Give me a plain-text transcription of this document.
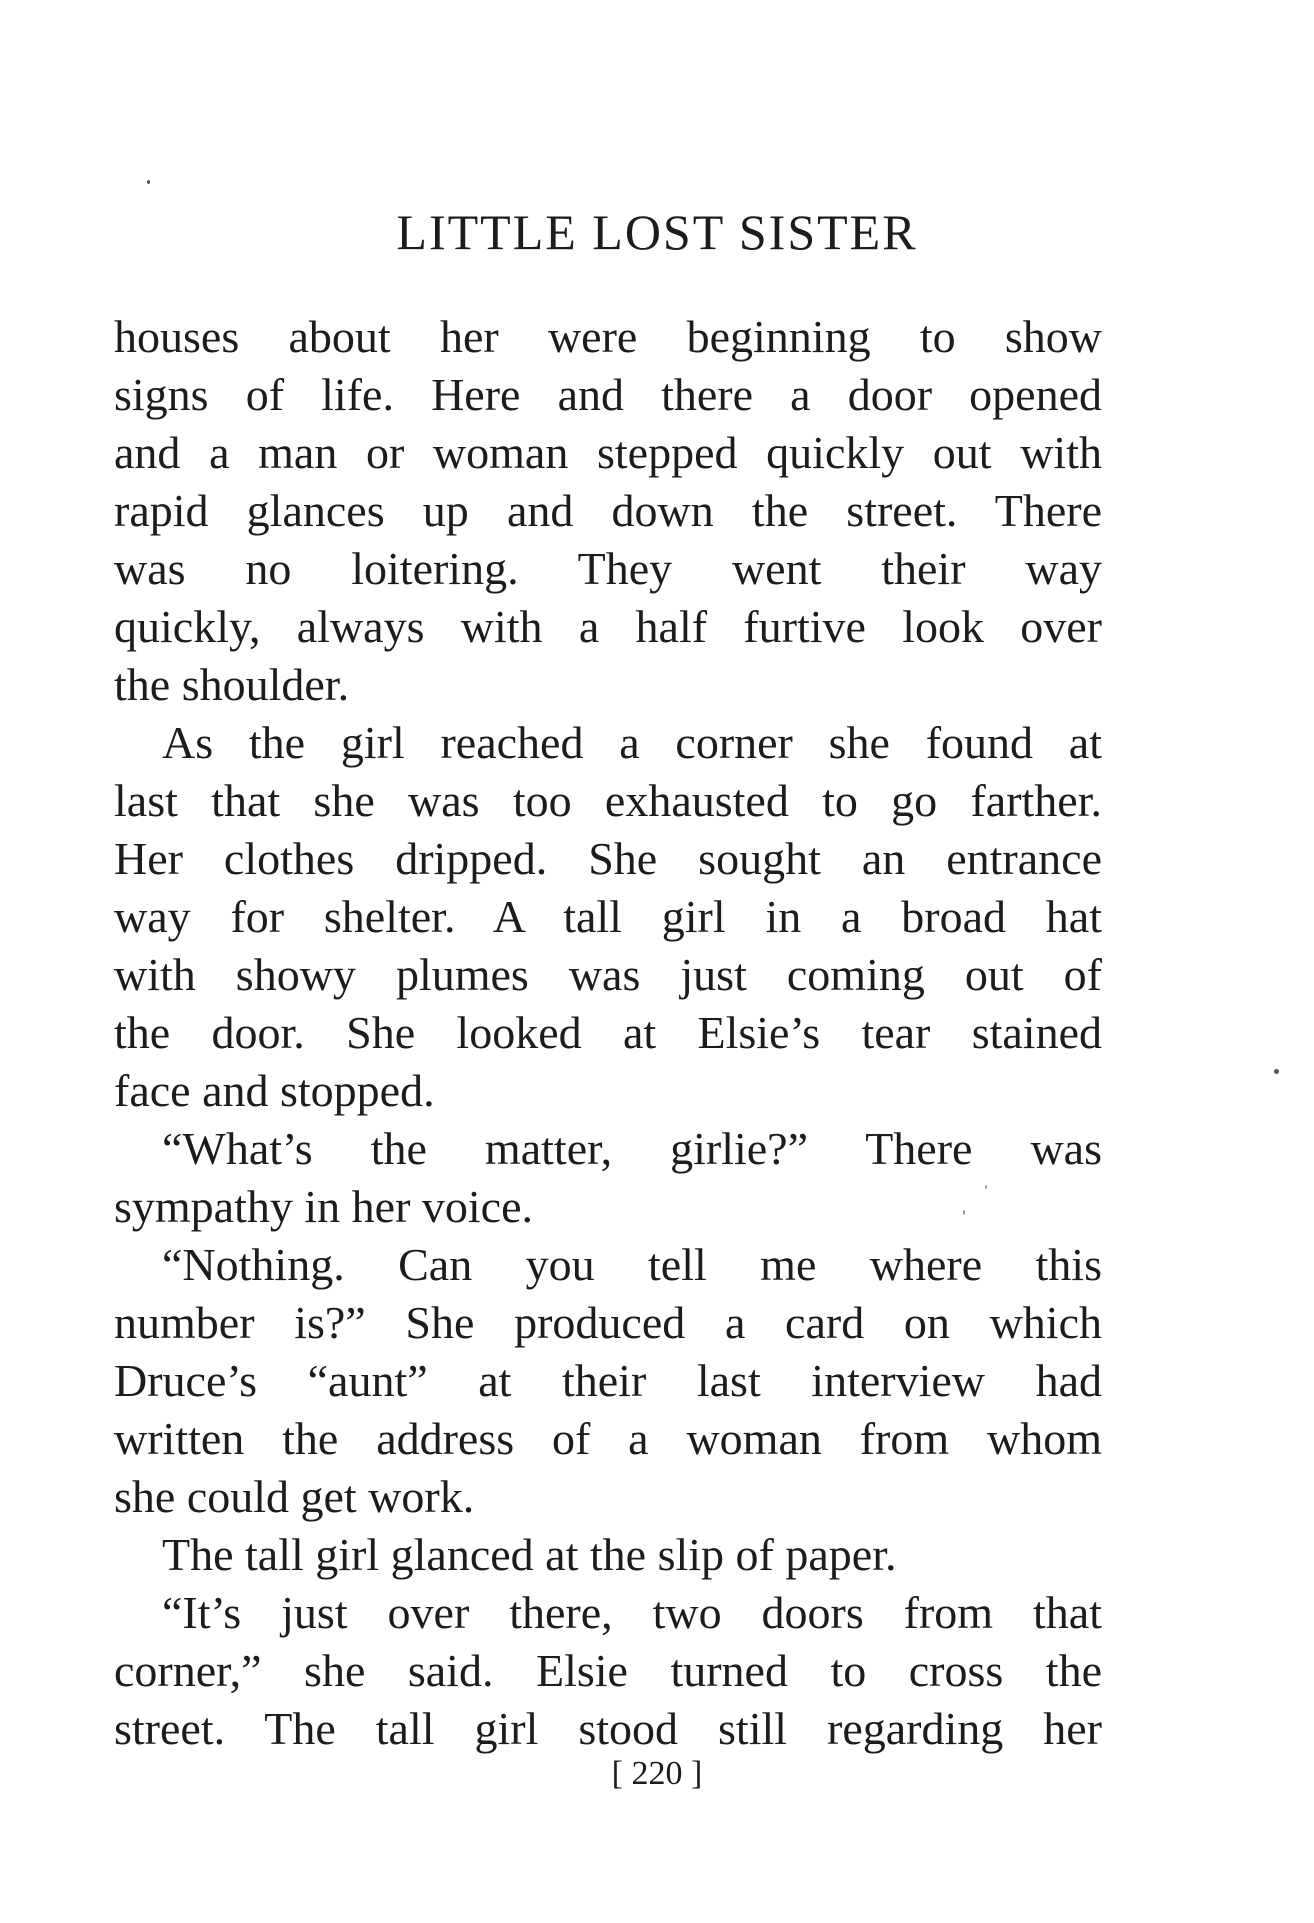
LITTLE LOST SISTER
houses about her were beginning to show
signs of life. Here and there a door opened
and a man or woman stepped quickly out with
rapid glances up and down the street. There
was no loitering. They went their way
quickly, always with a half furtive look over
the shoulder.
As the girl reached a corner she found at
last that she was too exhausted to go farther.
Her clothes dripped. She sought an entrance
way for shelter. A tall girl in a broad hat
with showy plumes was just coming out of
the door. She looked at Elsie’s tear stained
face and stopped.
“What’s the matter, girlie?” There was
sympathy in her voice.
“Nothing. Can you tell me where this
number is?” She produced a card on which
Druce’s “aunt” at their last interview had
written the address of a woman from whom
she could get work.
The tall girl glanced at the slip of paper.
“It’s just over there, two doors from that
corner,” she said. Elsie turned to cross the
street. The tall girl stood still regarding her
[ 220 ]
